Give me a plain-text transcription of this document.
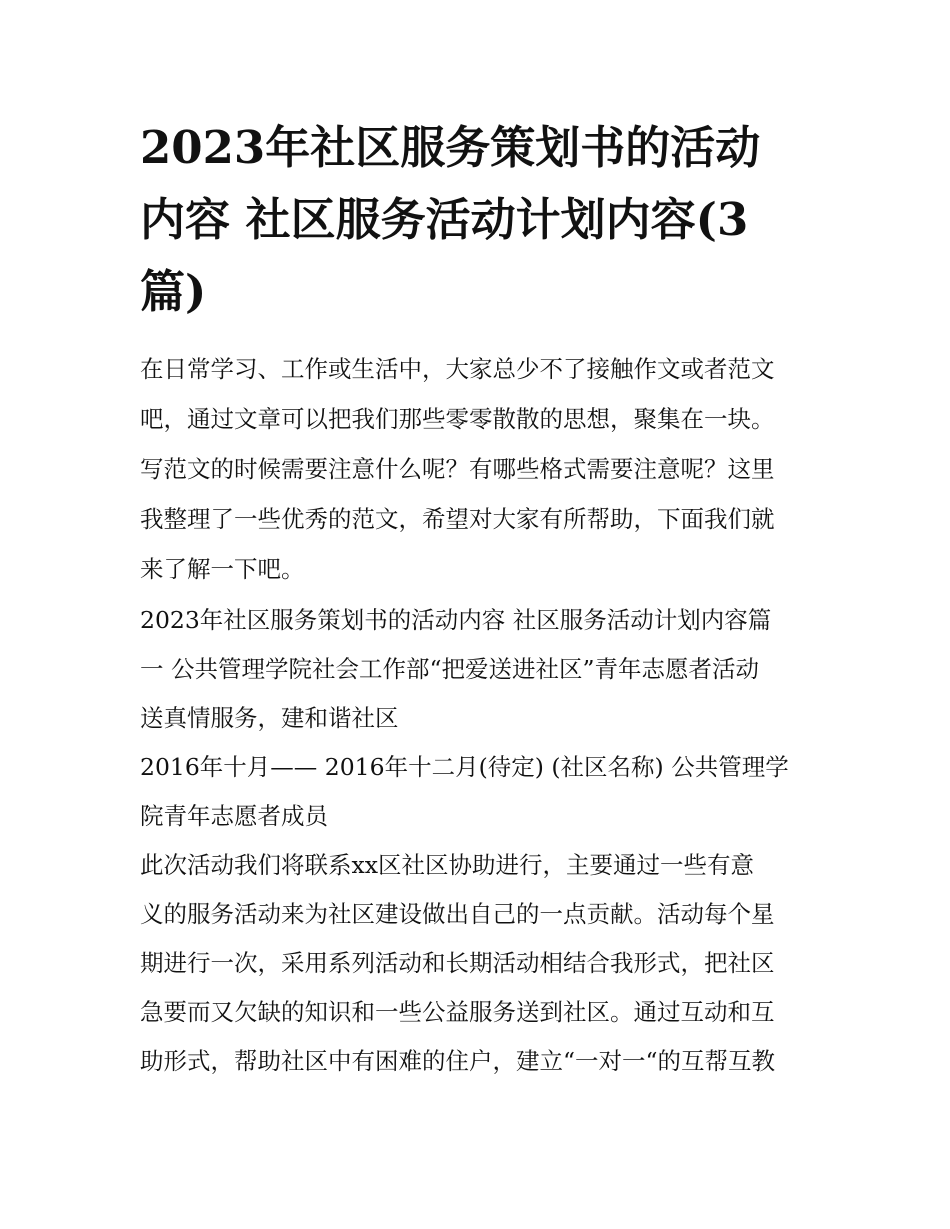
2023年社区服务策划书的活动
内容 社区服务活动计划内容(3
篇)

在日常学习、工作或生活中，大家总少不了接触作文或者范文
吧，通过文章可以把我们那些零零散散的思想，聚集在一块。
写范文的时候需要注意什么呢？有哪些格式需要注意呢？这里
我整理了一些优秀的范文，希望对大家有所帮助，下面我们就
来了解一下吧。

2023年社区服务策划书的活动内容 社区服务活动计划内容篇
一 公共管理学院社会工作部“把爱送进社区”青年志愿者活动
送真情服务，建和谐社区

2016年十月—— 2016年十二月(待定) (社区名称) 公共管理学
院青年志愿者成员

此次活动我们将联系xx区社区协助进行，主要通过一些有意
义的服务活动来为社区建设做出自己的一点贡献。活动每个星
期进行一次，采用系列活动和长期活动相结合我形式，把社区
急要而又欠缺的知识和一些公益服务送到社区。通过互动和互
助形式，帮助社区中有困难的住户，建立“一对一“的互帮互教
